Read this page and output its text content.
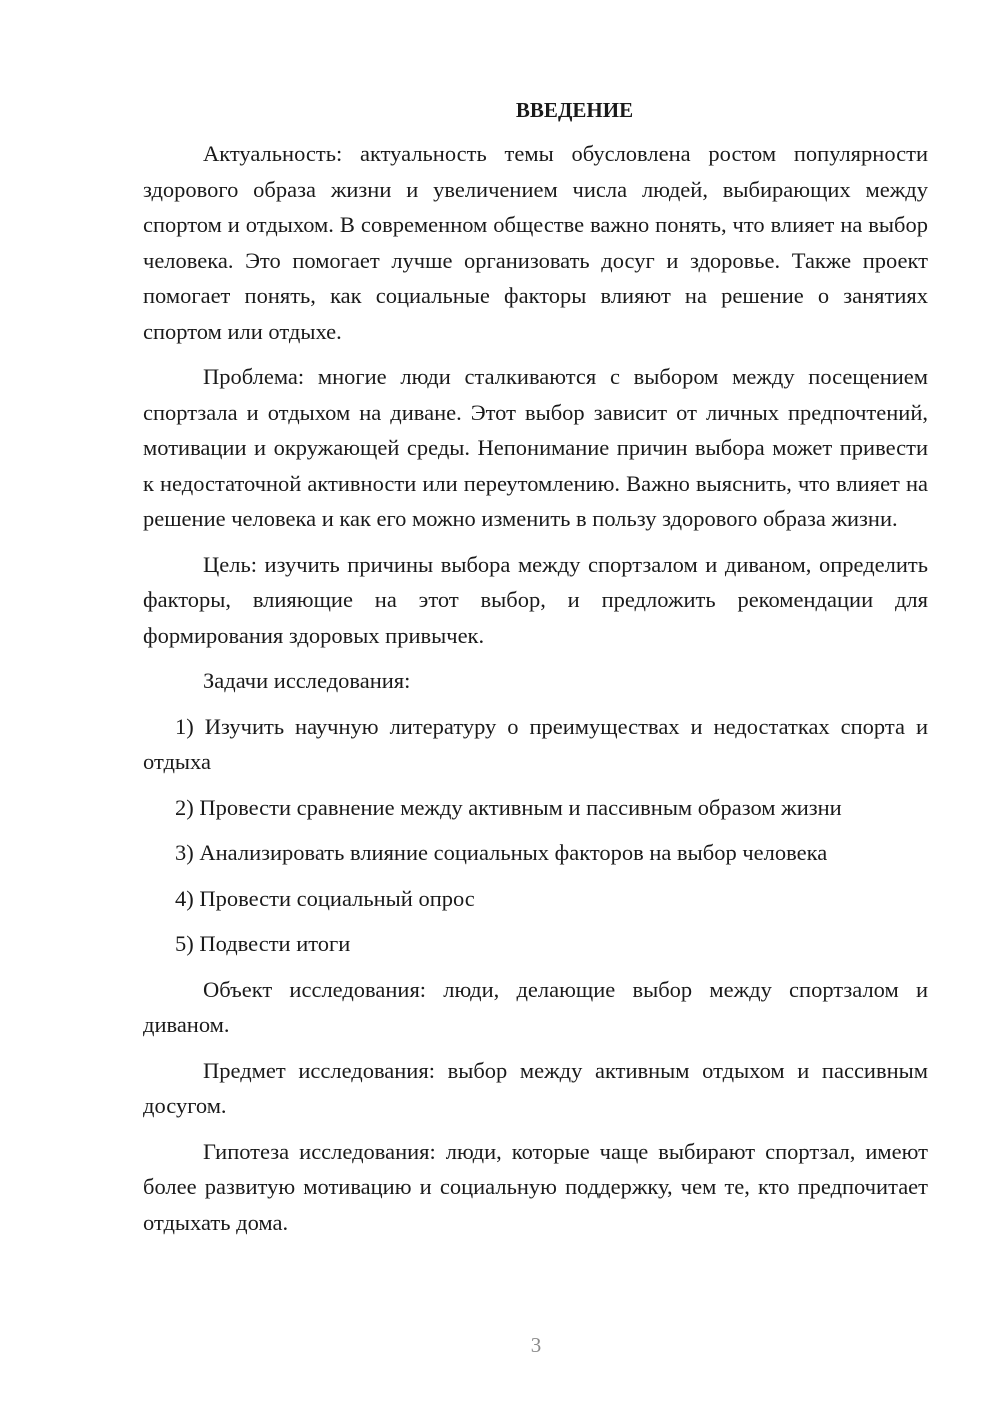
ВВЕДЕНИЕ

Актуальность: актуальность темы обусловлена ростом популярности здорового образа жизни и увеличением числа людей, выбирающих между спортом и отдыхом. В современном обществе важно понять, что влияет на выбор человека. Это помогает лучше организовать досуг и здоровье. Также проект помогает понять, как социальные факторы влияют на решение о занятиях спортом или отдыхе.

Проблема: многие люди сталкиваются с выбором между посещением спортзала и отдыхом на диване. Этот выбор зависит от личных предпочтений, мотивации и окружающей среды. Непонимание причин выбора может привести к недостаточной активности или переутомлению. Важно выяснить, что влияет на решение человека и как его можно изменить в пользу здорового образа жизни.

Цель: изучить причины выбора между спортзалом и диваном, определить факторы, влияющие на этот выбор, и предложить рекомендации для формирования здоровых привычек.

Задачи исследования:

1) Изучить научную литературу о преимуществах и недостатках спорта и отдыха

2) Провести сравнение между активным и пассивным образом жизни

3) Анализировать влияние социальных факторов на выбор человека

4) Провести социальный опрос

5) Подвести итоги

Объект исследования: люди, делающие выбор между спортзалом и диваном.

Предмет исследования: выбор между активным отдыхом и пассивным досугом.

Гипотеза исследования: люди, которые чаще выбирают спортзал, имеют более развитую мотивацию и социальную поддержку, чем те, кто предпочитает отдыхать дома.

3
